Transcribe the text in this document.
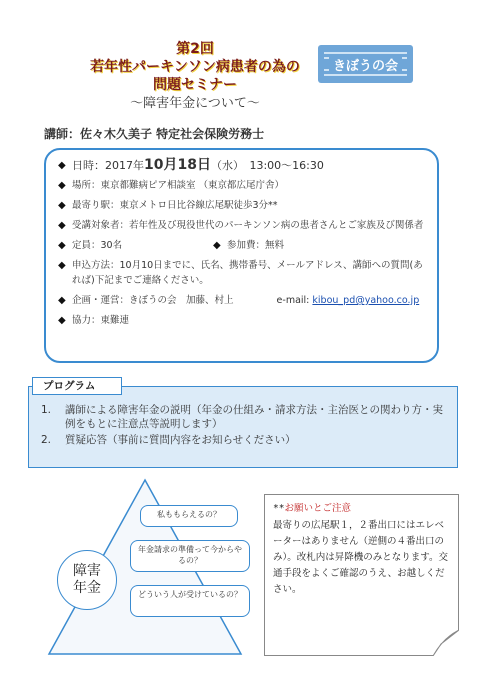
第2回
若年性パーキンソン病患者の為の
問題セミナー
～障害年金について～
きぼうの会
講師：佐々木久美子 特定社会保険労務士
◆ 日時：2017年10月18日（水）　13:00～16:30
◆ 場所：東京都難病ピア相談室 （東京都広尾庁舎）
◆ 最寄り駅：東京メトロ日比谷線広尾駅徒歩3分**
◆ 受講対象者：若年性及び現役世代のパーキンソン病の患者さんとご家族及び関係者
◆ 定員：30名	◆ 参加費：無料
◆ 申込方法：10月10日までに、氏名、携帯番号、メールアドレス、講師への質問(あれば)下記までご連絡ください。
◆ 企画・運営：きぼうの会　加藤、村上	e-mail: kibou_pd@yahoo.co.jp
◆ 協力：東難連
プログラム
1. 講師による障害年金の説明（年金の仕組み・請求方法・主治医との関わり方・実例をもとに注意点等説明します）
2. 質疑応答（事前に質問内容をお知らせください）
私ももらえるの？
年金請求の準備って今からやるの？
どういう人が受けているの？
障害年金
**お願いとご注意
最寄りの広尾駅１，２番出口にはエレベーターはありません（逆側の４番出口のみ）。改札内は昇降機のみとなります。交通手段をよくご確認のうえ、お越しください。
